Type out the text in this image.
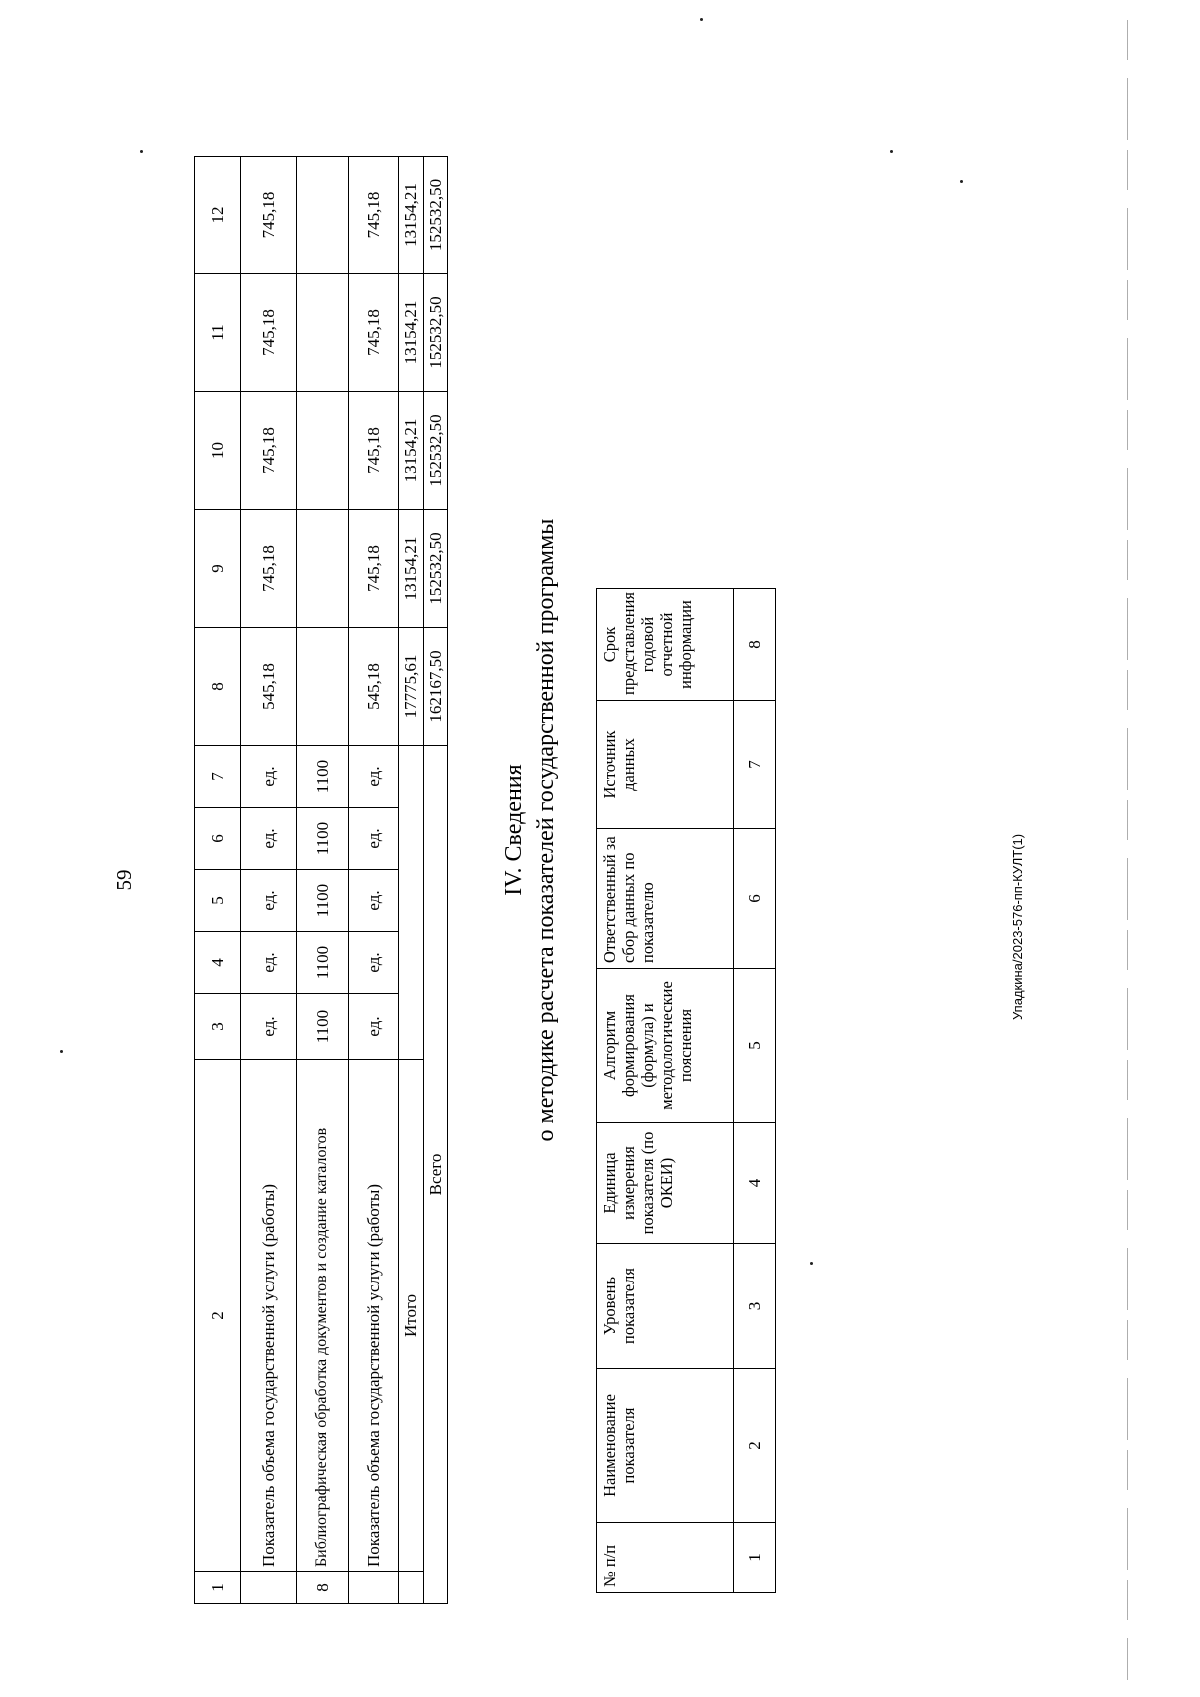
59	Упадкина/2023-576-пп-КУЛТ(1)
1	2	3	4	5	6	7	8	9	10	11	12
	Показатель объема государственной услуги (работы)	ед.	ед.	ед.	ед.	ед.	545,18	745,18	745,18	745,18	745,18
8	Библиографическая обработка документов и создание каталогов	1100	1100	1100	1100	1100					
	Показатель объема государственной услуги (работы)	ед.	ед.	ед.	ед.	ед.	545,18	745,18	745,18	745,18	745,18
	Итого						17775,61	13154,21	13154,21	13154,21	13154,21
Всего							162167,50	152532,50	152532,50	152532,50	152532,50
IV. Сведения о методике расчета показателей государственной программы
№ п/п	Наименование показателя	Уровень показателя	Единица измерения показателя (по ОКЕИ)	Алгоритм формирования (формула) и методологические пояснения	Ответственный за сбор данных по показателю	Источник данных	Срок представления годовой отчетной информации
1	2	3	4	5	6	7	8
